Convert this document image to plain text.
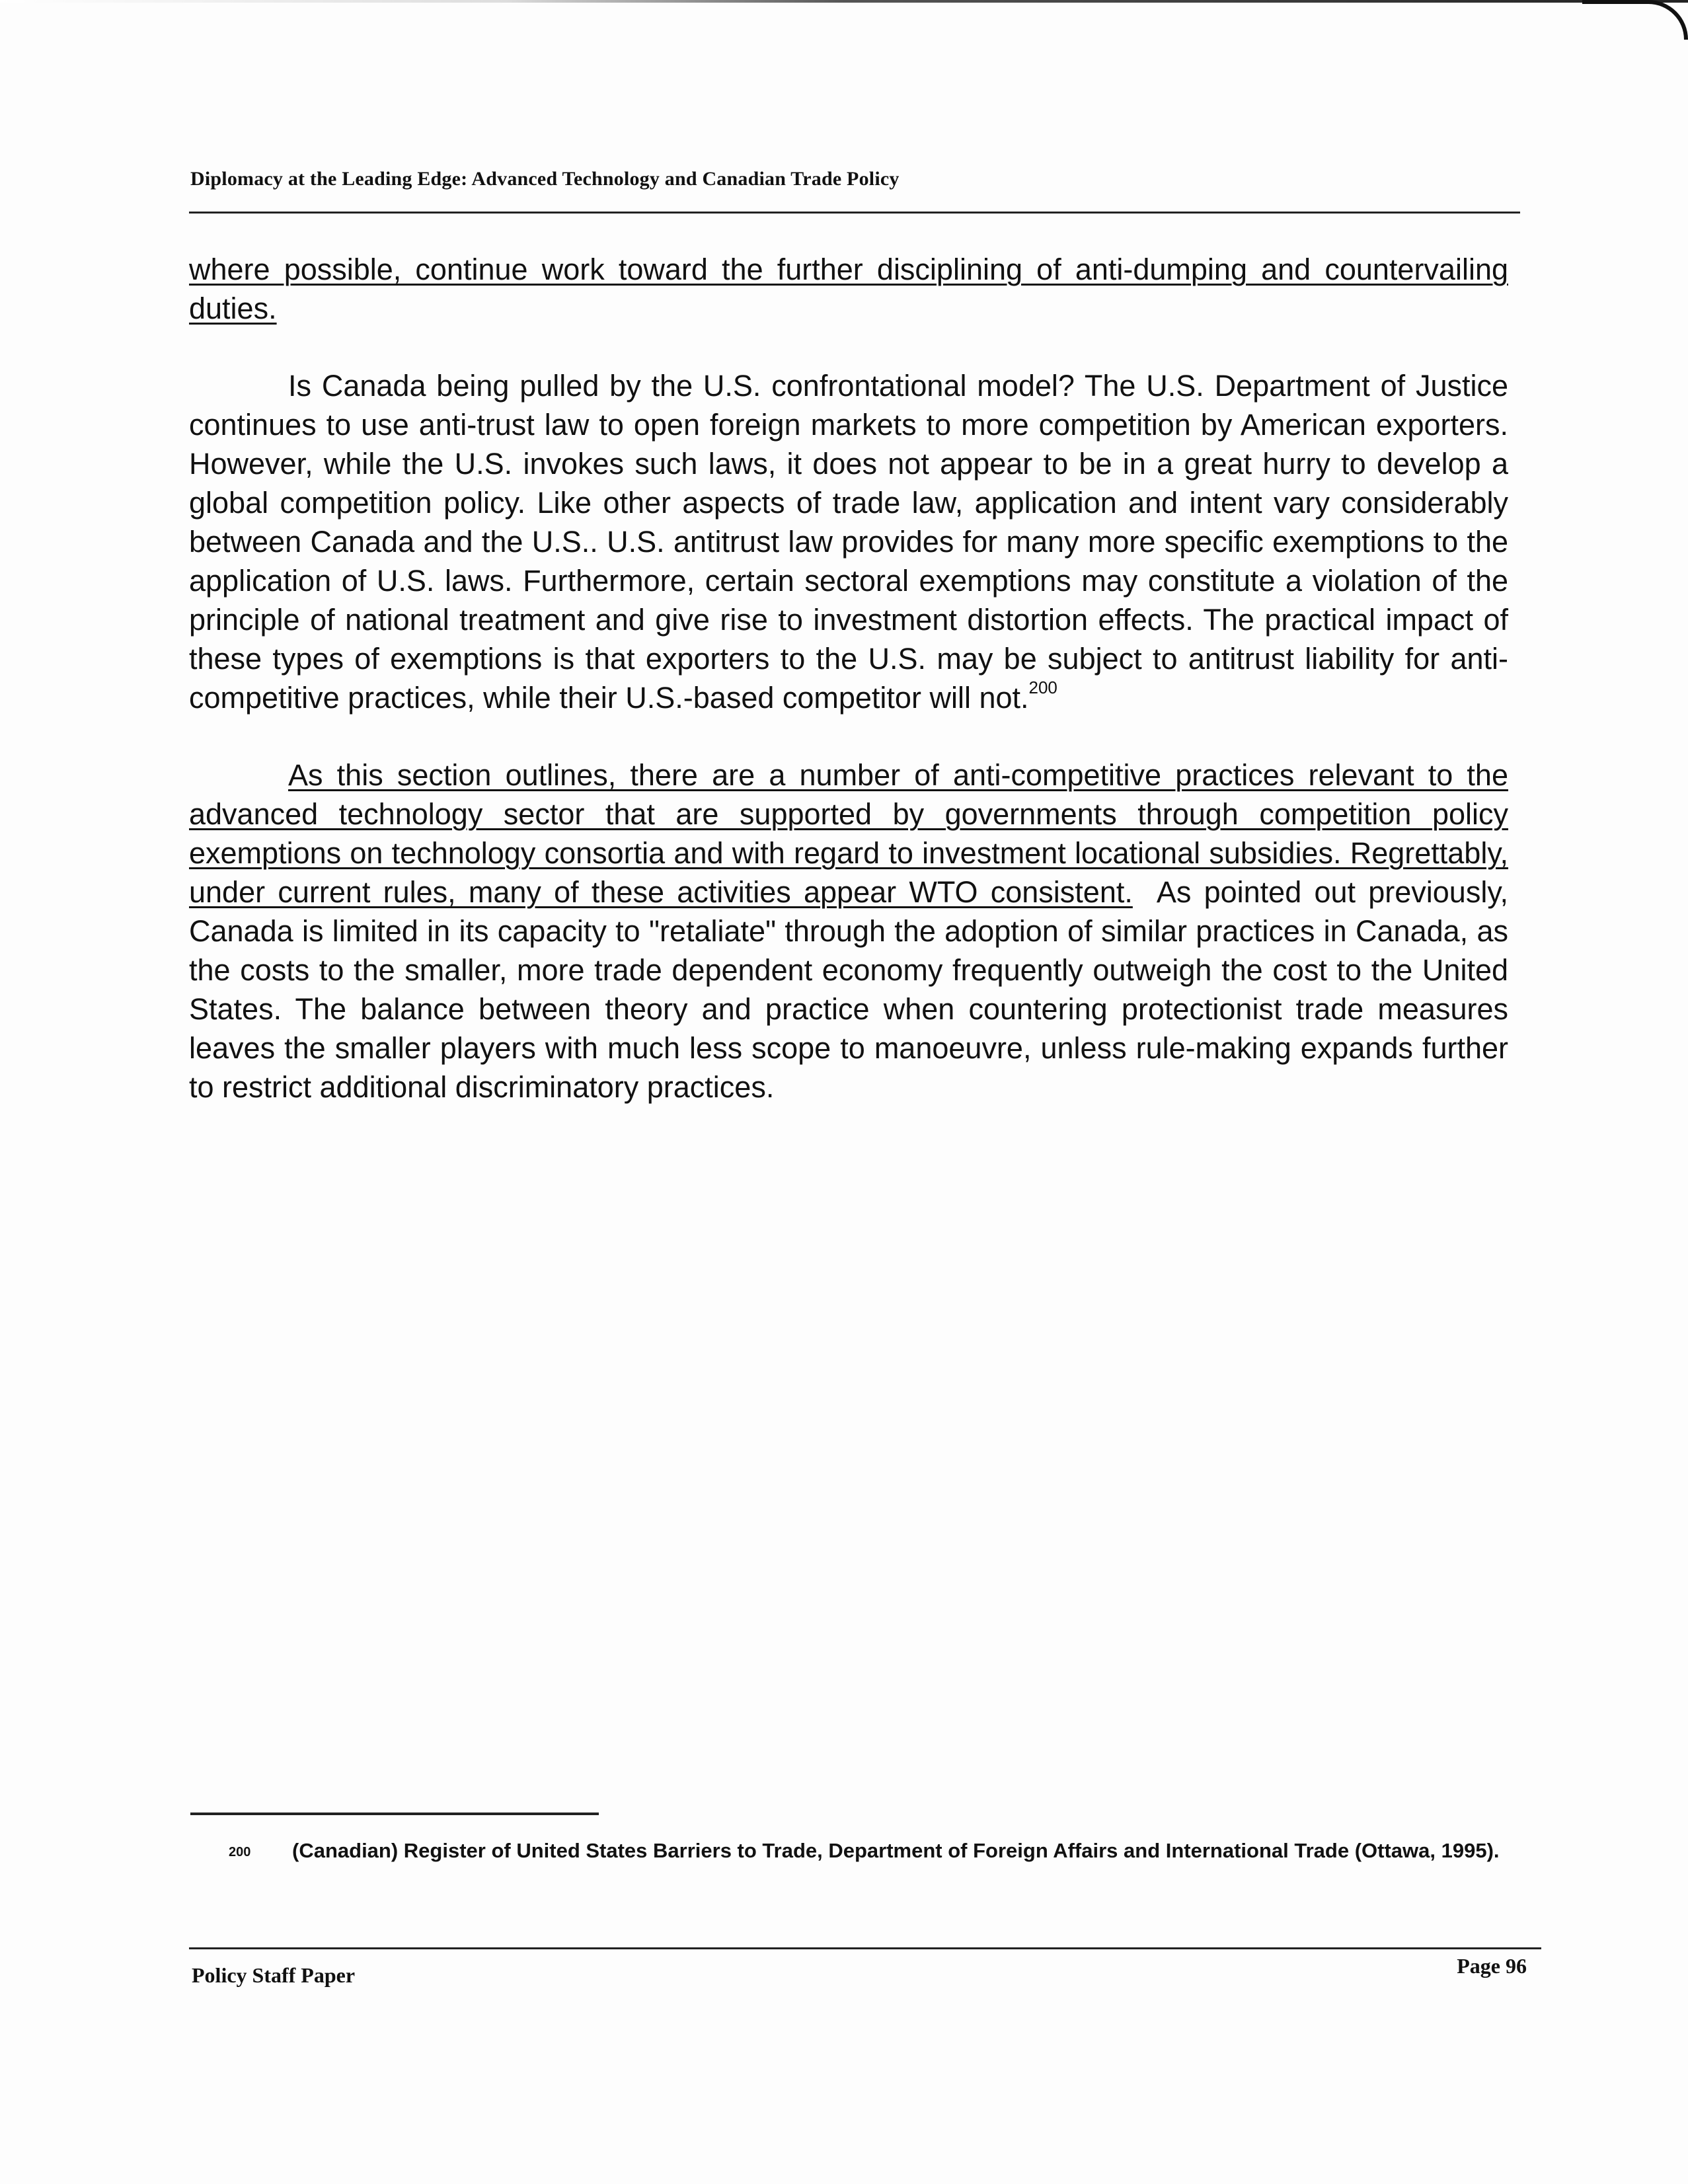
Diplomacy at the Leading Edge: Advanced Technology and Canadian Trade Policy

where possible, continue work toward the further disciplining of anti-dumping and countervailing duties.

Is Canada being pulled by the U.S. confrontational model? The U.S. Department of Justice continues to use anti-trust law to open foreign markets to more competition by American exporters. However, while the U.S. invokes such laws, it does not appear to be in a great hurry to develop a global competition policy. Like other aspects of trade law, application and intent vary considerably between Canada and the U.S.. U.S. antitrust law provides for many more specific exemptions to the application of U.S. laws. Furthermore, certain sectoral exemptions may constitute a violation of the principle of national treatment and give rise to investment distortion effects. The practical impact of these types of exemptions is that exporters to the U.S. may be subject to antitrust liability for anti-competitive practices, while their U.S.-based competitor will not.$^{200}$

As this section outlines, there are a number of anti-competitive practices relevant to the advanced technology sector that are supported by governments through competition policy exemptions on technology consortia and with regard to investment locational subsidies. Regrettably, under current rules, many of these activities appear WTO consistent. As pointed out previously, Canada is limited in its capacity to "retaliate" through the adoption of similar practices in Canada, as the costs to the smaller, more trade dependent economy frequently outweigh the cost to the United States. The balance between theory and practice when countering protectionist trade measures leaves the smaller players with much less scope to manoeuvre, unless rule-making expands further to restrict additional discriminatory practices.

200 (Canadian) Register of United States Barriers to Trade, Department of Foreign Affairs and International Trade (Ottawa, 1995).
Policy Staff Paper	Page 96
